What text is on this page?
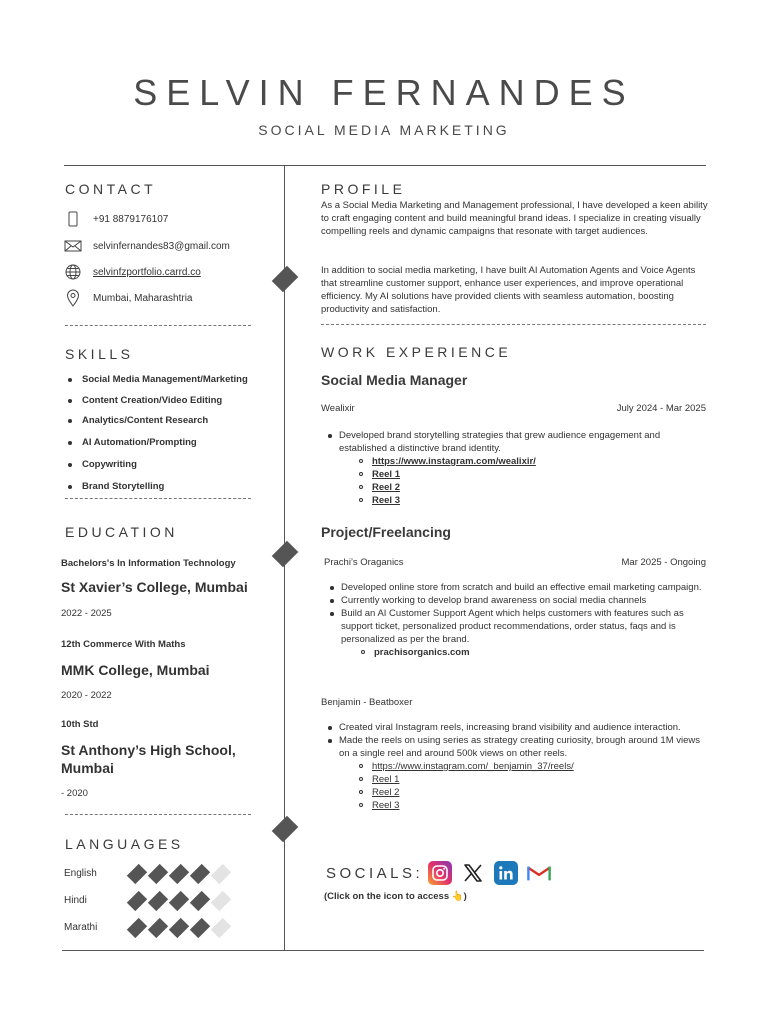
SELVIN FERNANDES
SOCIAL MEDIA MARKETING
CONTACT
+91 8879176107
selvinfernandes83@gmail.com
selvinfzportfolio.carrd.co
Mumbai, Maharashtria
SKILLS
Social Media Management/Marketing
Content Creation/Video Editing
Analytics/Content Research
AI Automation/Prompting
Copywriting
Brand Storytelling
EDUCATION
Bachelors's In Information Technology
St Xavier’s College, Mumbai
2022 - 2025
12th Commerce With Maths
MMK College, Mumbai
2020 - 2022
10th Std
St Anthony’s High School, Mumbai
- 2020
LANGUAGES
English
Hindi
Marathi
PROFILE
As a Social Media Marketing and Management professional, I have developed a keen ability to craft engaging content and build meaningful brand ideas. I specialize in creating visually compelling reels and dynamic campaigns that resonate with target audiences.
In addition to social media marketing, I have built AI Automation Agents and Voice Agents that streamline customer support, enhance user experiences, and improve operational efficiency. My AI solutions have provided clients with seamless automation, boosting productivity and satisfaction.
WORK EXPERIENCE
Social Media Manager
Wealixir	July 2024 - Mar 2025
Developed brand storytelling strategies that grew audience engagement and established a distinctive brand identity.
https://www.instagram.com/wealixir/
Reel 1
Reel 2
Reel 3
Project/Freelancing
Prachi’s Oraganics	Mar 2025 - Ongoing
Developed online store from scratch and build an effective email marketing campaign.
Currently working to develop brand awareness on social media channels
Build an AI Customer Support Agent which helps customers with features such as support ticket, personalized product recommendations, order status, faqs and is personalized as per the brand.
prachisorganics.com
Benjamin - Beatboxer
Created viral Instagram reels, increasing brand visibility and audience interaction.
Made the reels on using series as strategy creating curiosity, brough around 1M views on a single reel and around 500k views on other reels.
https://www.instagram.com/_benjamin_37/reels/
Reel 1
Reel 2
Reel 3
SOCIALS:
(Click on the icon to access 👆)
